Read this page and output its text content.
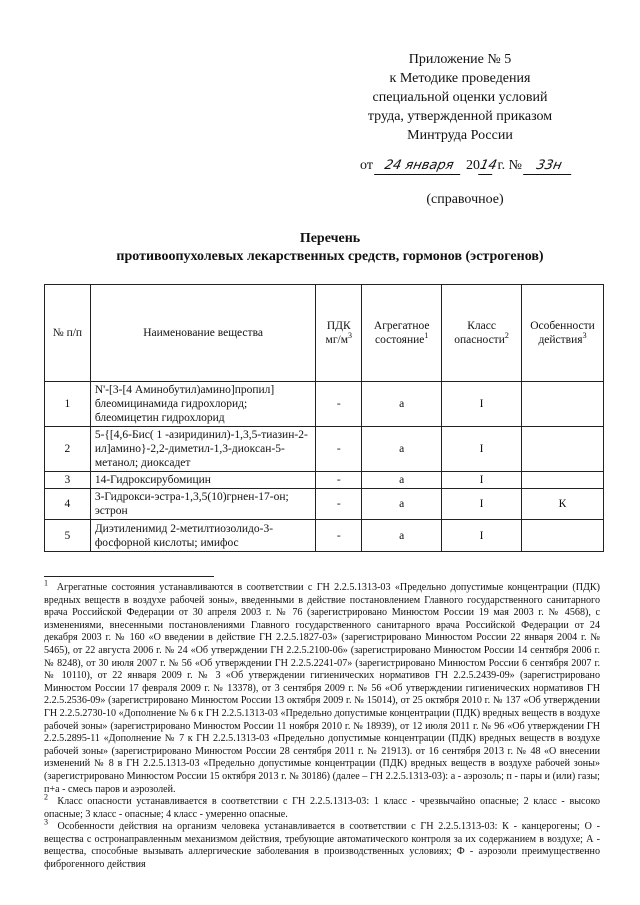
Приложение № 5
к Методике проведения
специальной оценки условий
труда, утвержденной приказом
Минтруда России
от 24 января 2014 г. № 33н
(справочное)
Перечень
противоопухолевых лекарственных средств, гормонов (эстрогенов)
№ п/п	Наименование вещества	ПДК $мг/м^3$	Агрегатное состояние$^1$	Класс опасности$^2$	Особенности действия$^3$
1	N'-[3-[4 Аминобутил)амино]пропил] блеомицинамида гидрохлорид; блеомицетин гидрохлорид	-	а	I	
2	5-{[4,6-Бис( 1 -азиридинил)-1,3,5-тиазин-2-ил]амино}-2,2-диметил-1,3-диоксан-5-метанол; диоксадет	-	а	I	
3	14-Гидроксирубомицин	-	а	I	
4	3-Гидрокси-эстра-1,3,5(10)грнен-17-он; эстрон	-	а	I	К
5	Диэтиленимид 2-метилтиозолидо-3-фосфорной кислоты; имифос	-	а	I	

$^1$ Агрегатные состояния устанавливаются в соответствии с ГН 2.2.5.1313-03 «Предельно допустимые концентрации (ПДК) вредных веществ в воздухе рабочей зоны», введенными в действие постановлением Главного государственного санитарного врача Российской Федерации от 30 апреля 2003 г. № 76 (зарегистрировано Минюстом России 19 мая 2003 г. № 4568), с изменениями, внесенными постановлениями Главного государственного санитарного врача Российской Федерации от 24 декабря 2003 г. № 160 «О введении в действие ГН 2.2.5.1827-03» (зарегистрировано Минюстом России 22 января 2004 г. № 5465), от 22 августа 2006 г. № 24 «Об утверждении ГН 2.2.5.2100-06» (зарегистрировано Минюстом России 14 сентября 2006 г. № 8248), от 30 июля 2007 г. № 56 «Об утверждении ГН 2.2.5.2241-07» (зарегистрировано Минюстом России 6 сентября 2007 г. № 10110), от 22 января 2009 г. № 3 «Об утверждении гигиенических нормативов ГН 2.2.5.2439-09» (зарегистрировано Минюстом России 17 февраля 2009 г. № 13378), от 3 сентября 2009 г. № 56 «Об утверждении гигиенических нормативов ГН 2.2.5.2536-09» (зарегистрировано Минюстом России 13 октября 2009 г. № 15014), от 25 октября 2010 г. № 137 «Об утверждении ГН 2.2.5.2730-10 «Дополнение № 6 к ГН 2.2.5.1313-03 «Предельно допустимые концентрации (ПДК) вредных веществ в воздухе рабочей зоны» (зарегистрировано Минюстом России 11 ноября 2010 г. № 18939), от 12 июля 2011 г. № 96 «Об утверждении ГН 2.2.5.2895-11 «Дополнение № 7 к ГН 2.2.5.1313-03 «Предельно допустимые концентрации (ПДК) вредных веществ в воздухе рабочей зоны» (зарегистрировано Минюстом России 28 сентября 2011 г. № 21913). от 16 сентября 2013 г. № 48 «О внесении изменений № 8 в ГН 2.2.5.1313-03 «Предельно допустимые концентрации (ПДК) вредных веществ в воздухе рабочей зоны» (зарегистрировано Минюстом России 15 октября 2013 г. № 30186) (далее – ГН 2.2.5.1313-03): а - аэрозоль; п - пары и (или) газы; п+а - смесь паров и аэрозолей.

$^2$ Класс опасности устанавливается в соответствии с ГН 2.2.5.1313-03: 1 класс - чрезвычайно опасные; 2 класс - высоко опасные; 3 класс - опасные; 4 класс - умеренно опасные.

$^3$ Особенности действия на организм человека устанавливается в соответствии с ГН 2.2.5.1313-03: К - канцерогены; О - вещества с остронаправленным механизмом действия, требующие автоматического контроля за их содержанием в воздухе; А - вещества, способные вызывать аллергические заболевания в производственных условиях; Ф - аэрозоли преимущественно фиброгенного действия
